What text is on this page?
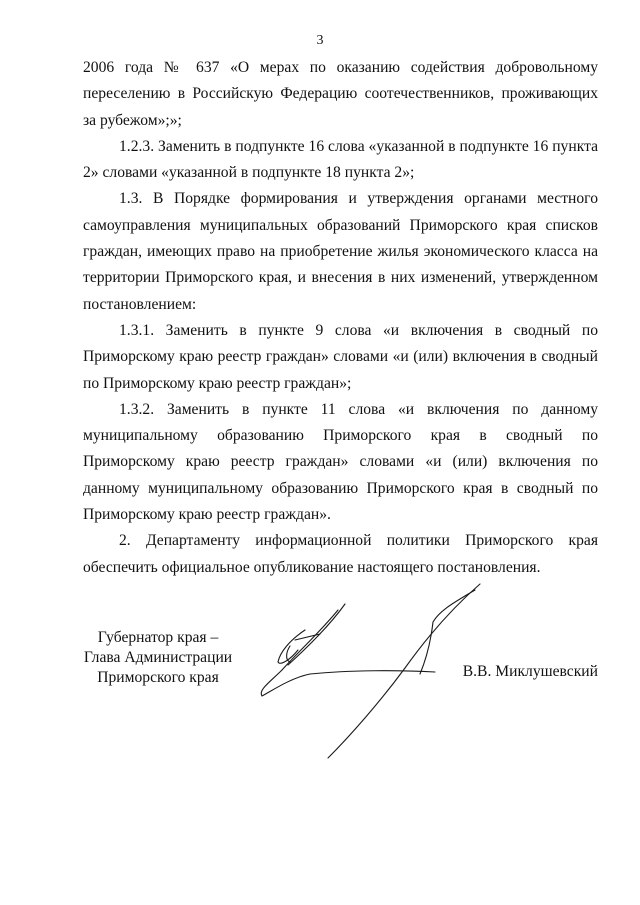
3

2006 года № 637 «О мерах по оказанию содействия добровольному переселению в Российскую Федерацию соотечественников, проживающих за рубежом»;»;

1.2.3. Заменить в подпункте 16 слова «указанной в подпункте 16 пункта 2» словами «указанной в подпункте 18 пункта 2»;

1.3. В Порядке формирования и утверждения органами местного самоуправления муниципальных образований Приморского края списков граждан, имеющих право на приобретение жилья экономического класса на территории Приморского края, и внесения в них изменений, утвержденном постановлением:

1.3.1. Заменить в пункте 9 слова «и включения в сводный по Приморскому краю реестр граждан» словами «и (или) включения в сводный по Приморскому краю реестр граждан»;

1.3.2. Заменить в пункте 11 слова «и включения по данному муниципальному образованию Приморского края в сводный по Приморскому краю реестр граждан» словами «и (или) включения по данному муниципальному образованию Приморского края в сводный по Приморскому краю реестр граждан».

2. Департаменту информационной политики Приморского края обеспечить официальное опубликование настоящего постановления.

Губернатор края –
Глава Администрации
Приморского края	В.В. Миклушевский
